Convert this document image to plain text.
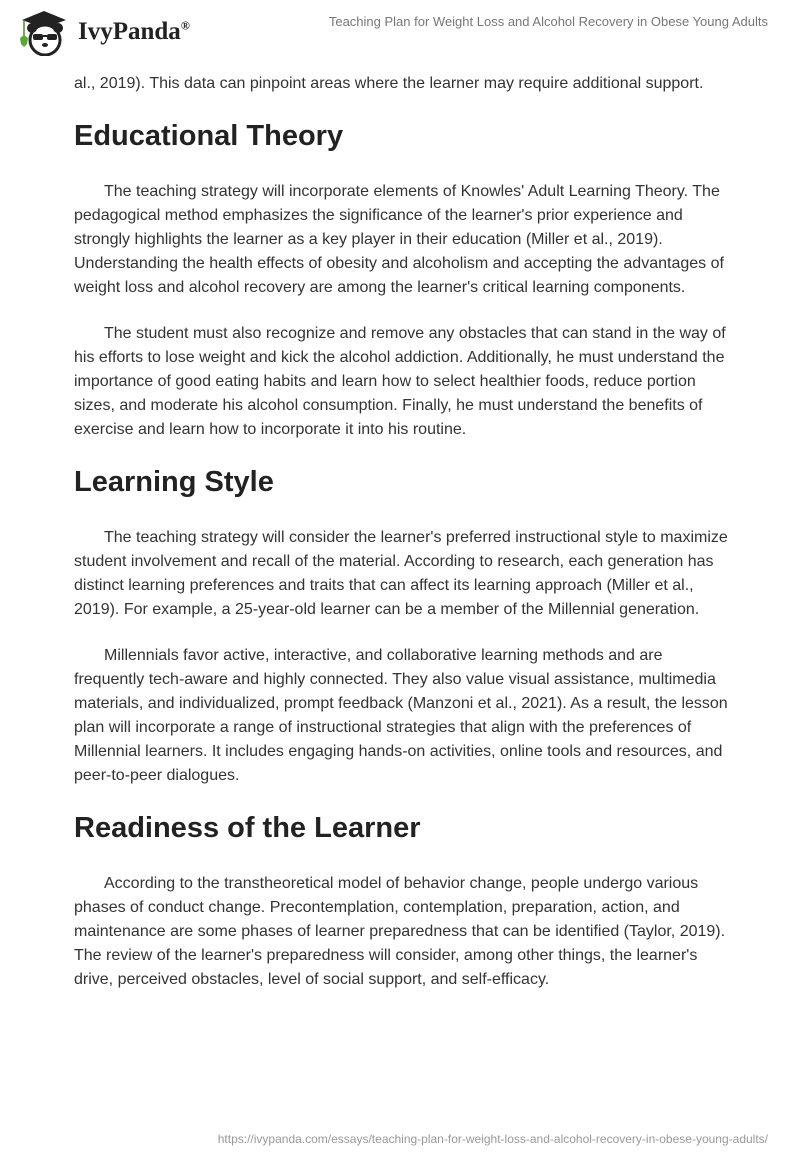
IvyPanda®	Teaching Plan for Weight Loss and Alcohol Recovery in Obese Young Adults

al., 2019). This data can pinpoint areas where the learner may require additional support.

Educational Theory

The teaching strategy will incorporate elements of Knowles' Adult Learning Theory. The pedagogical method emphasizes the significance of the learner's prior experience and strongly highlights the learner as a key player in their education (Miller et al., 2019). Understanding the health effects of obesity and alcoholism and accepting the advantages of weight loss and alcohol recovery are among the learner's critical learning components.

The student must also recognize and remove any obstacles that can stand in the way of his efforts to lose weight and kick the alcohol addiction. Additionally, he must understand the importance of good eating habits and learn how to select healthier foods, reduce portion sizes, and moderate his alcohol consumption. Finally, he must understand the benefits of exercise and learn how to incorporate it into his routine.

Learning Style

The teaching strategy will consider the learner's preferred instructional style to maximize student involvement and recall of the material. According to research, each generation has distinct learning preferences and traits that can affect its learning approach (Miller et al., 2019). For example, a 25-year-old learner can be a member of the Millennial generation.

Millennials favor active, interactive, and collaborative learning methods and are frequently tech-aware and highly connected. They also value visual assistance, multimedia materials, and individualized, prompt feedback (Manzoni et al., 2021). As a result, the lesson plan will incorporate a range of instructional strategies that align with the preferences of Millennial learners. It includes engaging hands-on activities, online tools and resources, and peer-to-peer dialogues.

Readiness of the Learner

According to the transtheoretical model of behavior change, people undergo various phases of conduct change. Precontemplation, contemplation, preparation, action, and maintenance are some phases of learner preparedness that can be identified (Taylor, 2019). The review of the learner's preparedness will consider, among other things, the learner's drive, perceived obstacles, level of social support, and self-efficacy.

https://ivypanda.com/essays/teaching-plan-for-weight-loss-and-alcohol-recovery-in-obese-young-adults/
